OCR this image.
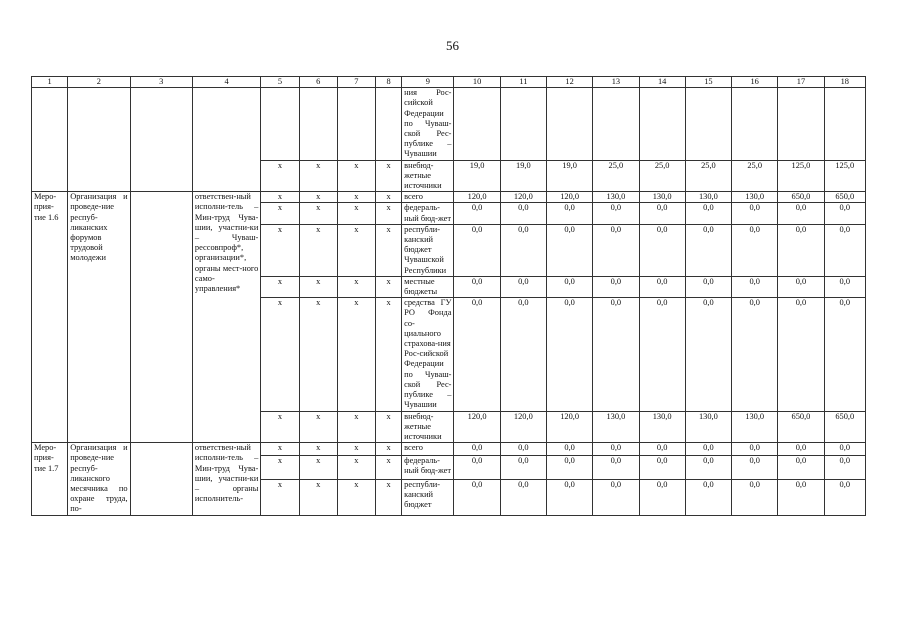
56
1	2	3	4	5	6	7	8	9	10	11	12	13	14	15	16	17	18
								ния Рос-сийской Федерации по Чуваш-ской Рес-публике – Чувашии									
				х	х	х	х	внебюд-жетные источники	19,0	19,0	19,0	25,0	25,0	25,0	25,0	125,0	125,0
Меро-прия-тие 1.6	Организация и проведе-ние респуб-ликанских форумов трудовой молодежи		ответствен-ный исполни-тель – Мин-труд Чува-шии, участни-ки – Чуваш-рессовпроф*, организации*, органы мест-ного само-управления*	х	х	х	х	всего	120,0	120,0	120,0	130,0	130,0	130,0	130,0	650,0	650,0
				х	х	х	х	федераль-ный бюд-жет	0,0	0,0	0,0	0,0	0,0	0,0	0,0	0,0	0,0
				х	х	х	х	республи-канский бюджет Чувашской Республики	0,0	0,0	0,0	0,0	0,0	0,0	0,0	0,0	0,0
				х	х	х	х	местные бюджеты	0,0	0,0	0,0	0,0	0,0	0,0	0,0	0,0	0,0
				х	х	х	х	средства ГУ РО Фонда со-циального страхова-ния Рос-сийской Федерации по Чуваш-ской Рес-публике – Чувашии	0,0	0,0	0,0	0,0	0,0	0,0	0,0	0,0	0,0
				х	х	х	х	внебюд-жетные источники	120,0	120,0	120,0	130,0	130,0	130,0	130,0	650,0	650,0
Меро-прия-тие 1.7	Организация и проведе-ние респуб-ликанского месячника по охране труда, по-		ответствен-ный исполни-тель – Мин-труд Чува-шии, участни-ки – органы исполнитель-	х	х	х	х	всего	0,0	0,0	0,0	0,0	0,0	0,0	0,0	0,0	0,0
				х	х	х	х	федераль-ный бюд-жет	0,0	0,0	0,0	0,0	0,0	0,0	0,0	0,0	0,0
				х	х	х	х	республи-канский бюджет	0,0	0,0	0,0	0,0	0,0	0,0	0,0	0,0	0,0
